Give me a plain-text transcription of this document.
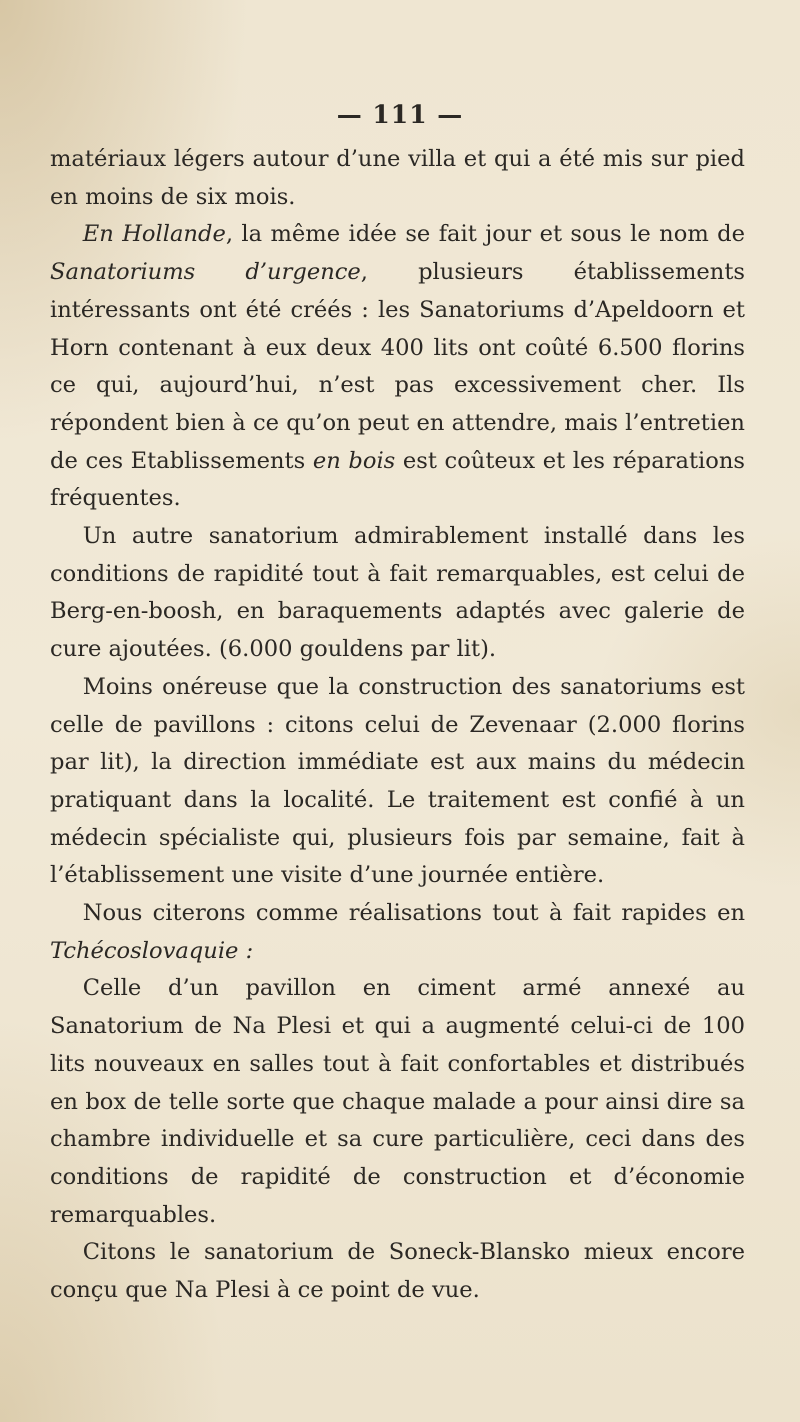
— 111 —

matériaux légers autour d’une villa et qui a été mis sur pied en moins de six mois.

En Hollande, la même idée se fait jour et sous le nom de Sanatoriums d’urgence, plusieurs établissements intéressants ont été créés : les Sanatoriums d’Apeldoorn et Horn contenant à eux deux 400 lits ont coûté 6.500 florins ce qui, aujourd’hui, n’est pas excessivement cher. Ils répondent bien à ce qu’on peut en attendre, mais l’entretien de ces Etablissements en bois est coûteux et les réparations fréquentes.

Un autre sanatorium admirablement installé dans les conditions de rapidité tout à fait remarquables, est celui de Berg-en-boosh, en baraquements adaptés avec galerie de cure ajoutées. (6.000 gouldens par lit).

Moins onéreuse que la construction des sanatoriums est celle de pavillons : citons celui de Zevenaar (2.000 florins par lit), la direction immédiate est aux mains du médecin pratiquant dans la localité. Le traitement est confié à un médecin spécialiste qui, plusieurs fois par semaine, fait à l’établissement une visite d’une journée entière.

Nous citerons comme réalisations tout à fait rapides en Tchécoslovaquie :

Celle d’un pavillon en ciment armé annexé au Sanatorium de Na Plesi et qui a augmenté celui-ci de 100 lits nouveaux en salles tout à fait confortables et distribués en box de telle sorte que chaque malade a pour ainsi dire sa chambre individuelle et sa cure particulière, ceci dans des conditions de rapidité de construction et d’économie remarquables.

Citons le sanatorium de Soneck-Blansko mieux encore conçu que Na Plesi à ce point de vue.
